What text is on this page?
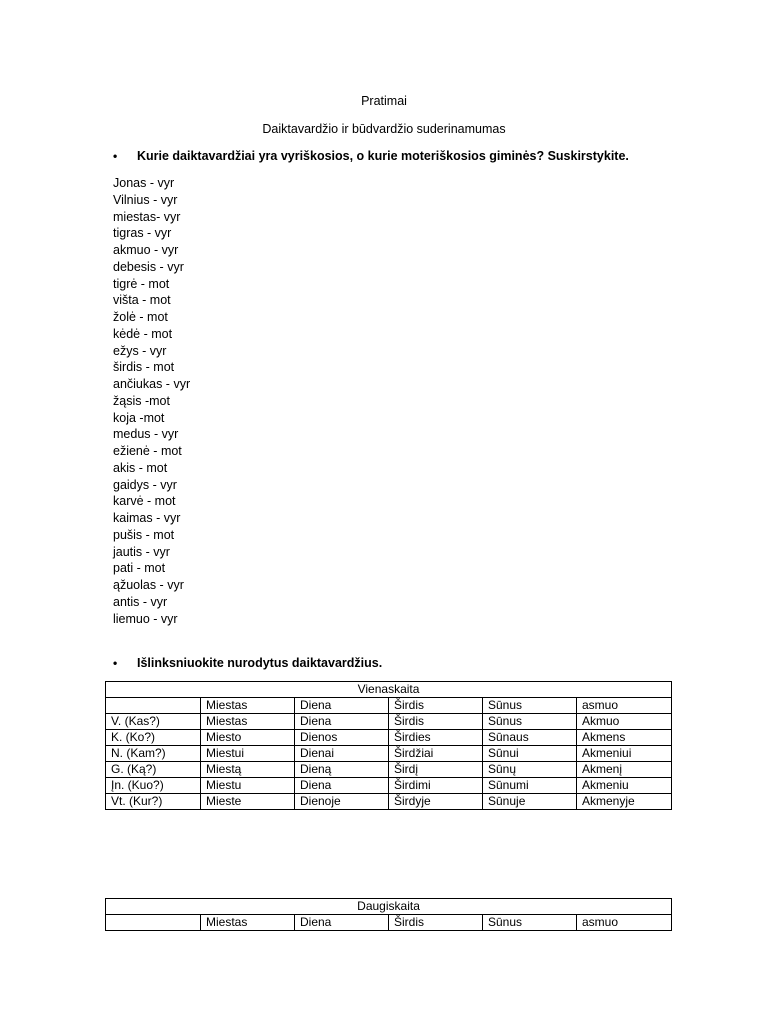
Pratimai
Daiktavardžio ir būdvardžio suderinamumas
• Kurie daiktavardžiai yra vyriškosios, o kurie moteriškosios giminės? Suskirstykite.
Jonas - vyr
Vilnius - vyr
miestas- vyr
tigras - vyr
akmuo - vyr
debesis - vyr
tigrė - mot
višta - mot
žolė - mot
kėdė - mot
ežys - vyr
širdis - mot
ančiukas - vyr
žąsis -mot
koja -mot
medus - vyr
ežienė - mot
akis - mot
gaidys - vyr
karvė - mot
kaimas - vyr
pušis - mot
jautis - vyr
pati - mot
ąžuolas - vyr
antis - vyr
liemuo - vyr
• Išlinksniuokite nurodytus daiktavardžius.
Vienaskaita					
	Miestas	Diena	Širdis	Sūnus	asmuo
V. (Kas?)	Miestas	Diena	Širdis	Sūnus	Akmuo
K. (Ko?)	Miesto	Dienos	Širdies	Sūnaus	Akmens
N. (Kam?)	Miestui	Dienai	Širdžiai	Sūnui	Akmeniui
G. (Ką?)	Miestą	Dieną	Širdį	Sūnų	Akmenį
Įn. (Kuo?)	Miestu	Diena	Širdimi	Sūnumi	Akmeniu
Vt. (Kur?)	Mieste	Dienoje	Širdyje	Sūnuje	Akmenyje
Daugiskaita
	Miestas	Diena	Širdis	Sūnus	asmuo
